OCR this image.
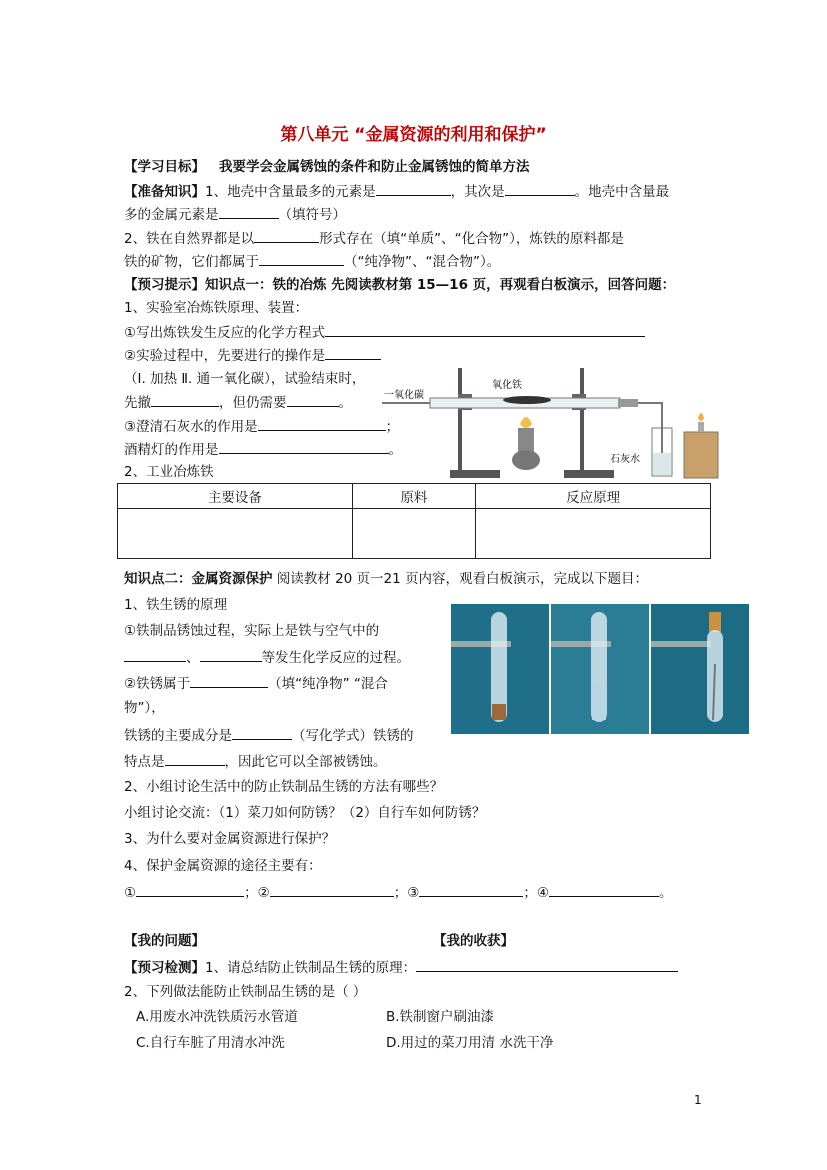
第八单元 “金属资源的利用和保护”
【学习目标】 我要学会金属锈蚀的条件和防止金属锈蚀的简单方法
【准备知识】1、地壳中含量最多的元素是	，其次是	。地壳中含量最
多的金属元素是	（填符号）
2、铁在自然界都是以	形式存在（填“单质”、“化合物”），炼铁的原料都是
铁的矿物，它们都属于	（“纯净物”、“混合物”）。
【预习提示】知识点一：铁的冶炼 先阅读教材第 15—16 页，再观看白板演示，回答问题：
1、实验室冶炼铁原理、装置：
①写出炼铁发生反应的化学方程式
②实验过程中，先要进行的操作是
（Ⅰ. 加热 Ⅱ. 通一氧化碳），试验结束时，
先撤	，但仍需要	。
③澄清石灰水的作用是	；
酒精灯的作用是	。
2、工业冶炼铁
氧化铁
一氧化碳
石灰水
主要设备	原料	反应原理

知识点二：金属资源保护 阅读教材 20 页一21 页内容，观看白板演示，完成以下题目：
1、铁生锈的原理
①铁制品锈蚀过程，实际上是铁与空气中的
、	等发生化学反应的过程。
②铁锈属于	（填“纯净物” “混合
物”），
铁锈的主要成分是	（写化学式）铁锈的
特点是	，因此它可以全部被锈蚀。
2、小组讨论生活中的防止铁制品生锈的方法有哪些？
小组讨论交流：（1）菜刀如何防锈？（2）自行车如何防锈？
3、为什么要对金属资源进行保护？
4、保护金属资源的途径主要有：
①	；②	；③	；④	。
【我的问题】	【我的收获】
【预习检测】1、请总结防止铁制品生锈的原理：
2、下列做法能防止铁制品生锈的是（ ）
A.用废水冲洗铁质污水管道	B.铁制窗户刷油漆
C.自行车脏了用清水冲洗	D.用过的菜刀用清 水洗干净
1
